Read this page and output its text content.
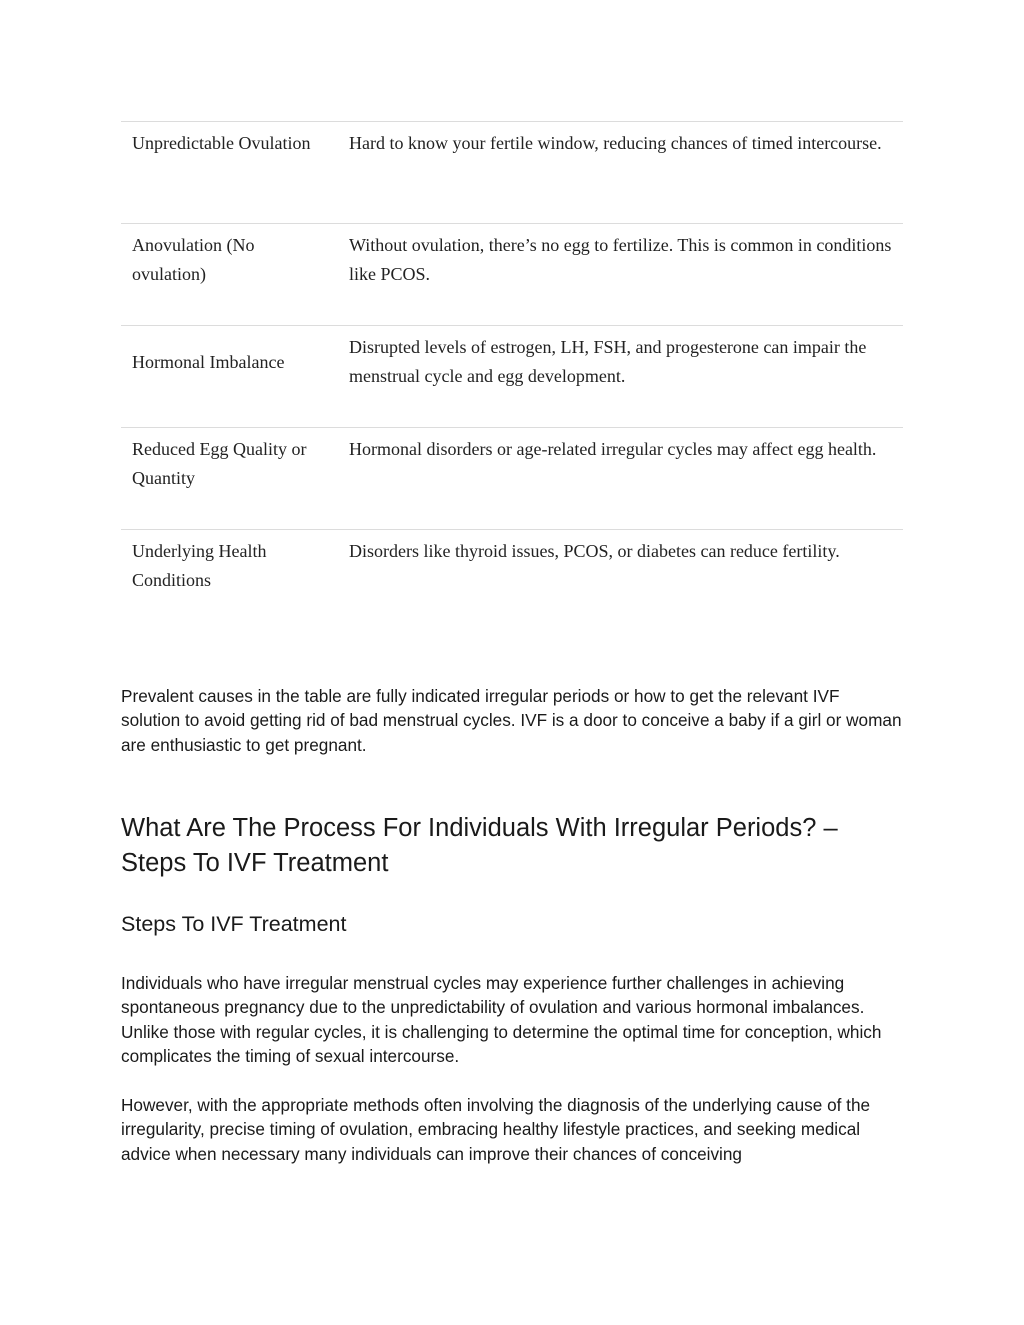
Unpredictable Ovulation	Hard to know your fertile window, reducing chances of timed intercourse.
Anovulation (No ovulation)
Without ovulation, there’s no egg to fertilize. This is common in conditions like PCOS.
Hormonal Imbalance
Disrupted levels of estrogen, LH, FSH, and progesterone can impair the menstrual cycle and egg development.
Reduced Egg Quality or Quantity
Hormonal disorders or age-related irregular cycles may affect egg health.
Underlying Health Conditions
Disorders like thyroid issues, PCOS, or diabetes can reduce fertility.

Prevalent causes in the table are fully indicated irregular periods or how to get the relevant IVF solution to avoid getting rid of bad menstrual cycles. IVF is a door to conceive a baby if a girl or woman are enthusiastic to get pregnant.

What Are The Process For Individuals With Irregular Periods? – Steps To IVF Treatment
Steps To IVF Treatment

Individuals who have irregular menstrual cycles may experience further challenges in achieving spontaneous pregnancy due to the unpredictability of ovulation and various hormonal imbalances. Unlike those with regular cycles, it is challenging to determine the optimal time for conception, which complicates the timing of sexual intercourse.

However, with the appropriate methods often involving the diagnosis of the underlying cause of the irregularity, precise timing of ovulation, embracing healthy lifestyle practices, and seeking medical advice when necessary many individuals can improve their chances of conceiving
